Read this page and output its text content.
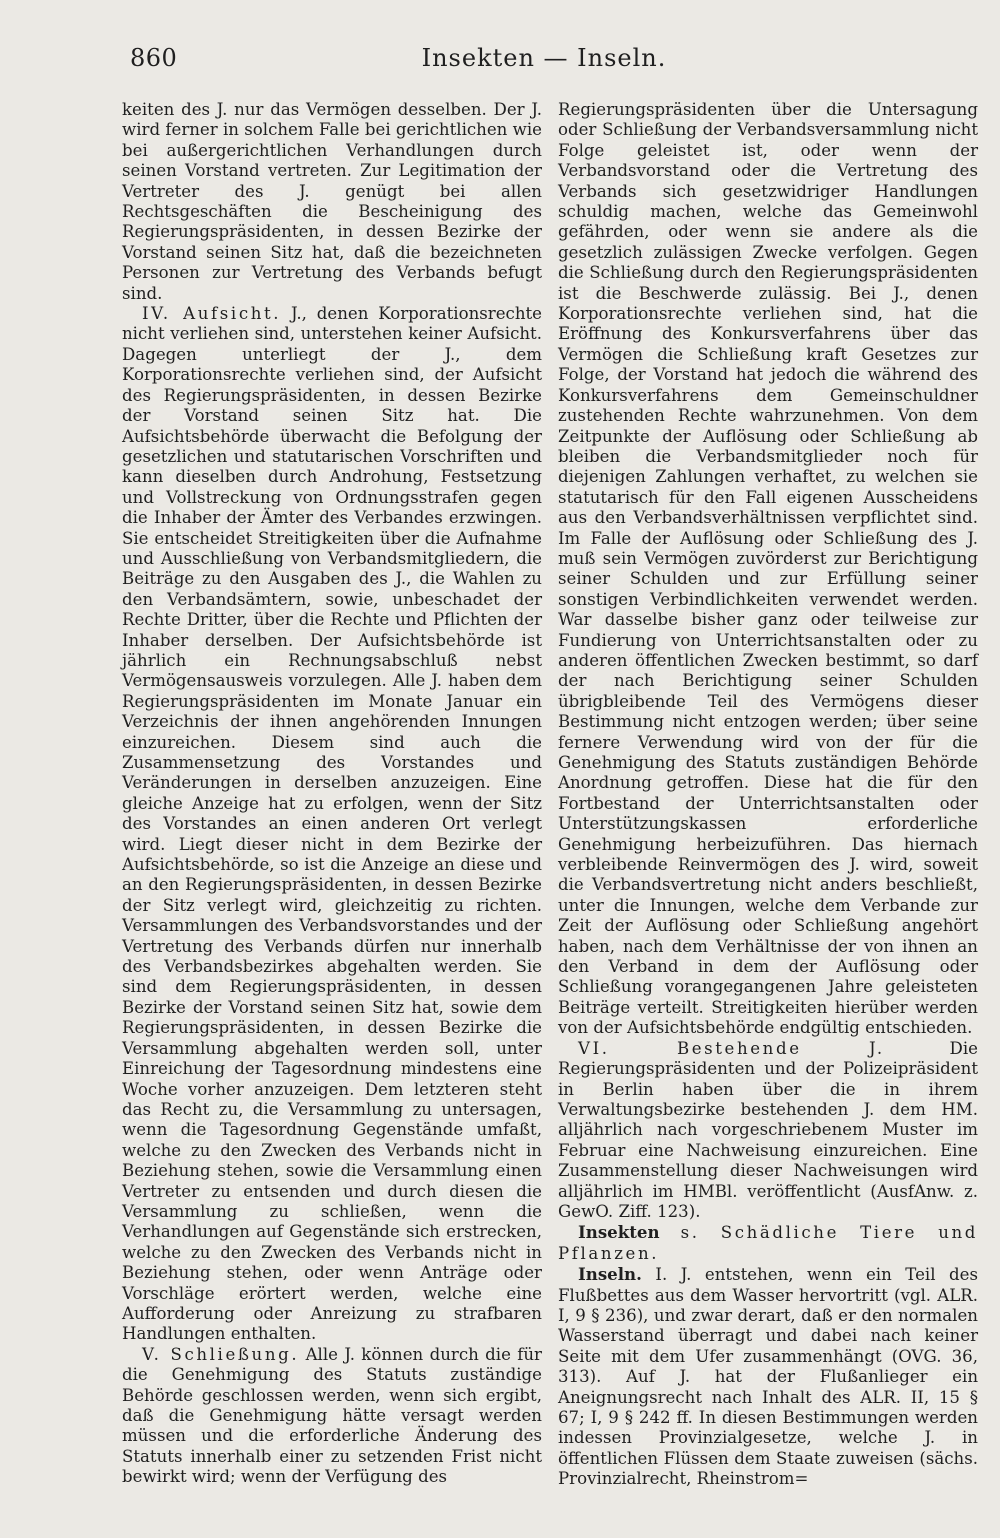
Insekten — Inseln.
860

keiten des J. nur das Vermögen desselben. Der J. wird ferner in solchem Falle bei gerichtlichen wie bei außergerichtlichen Verhandlungen durch seinen Vorstand vertreten. Zur Legitimation der Vertreter des J. genügt bei allen Rechtsgeschäften die Bescheinigung des Regierungspräsidenten, in dessen Bezirke der Vorstand seinen Sitz hat, daß die bezeichneten Personen zur Vertretung des Verbands befugt sind.

IV. Aufsicht. J., denen Korporationsrechte nicht verliehen sind, unterstehen keiner Aufsicht. Dagegen unterliegt der J., dem Korporationsrechte verliehen sind, der Aufsicht des Regierungspräsidenten, in dessen Bezirke der Vorstand seinen Sitz hat. Die Aufsichtsbehörde überwacht die Befolgung der gesetzlichen und statutarischen Vorschriften und kann dieselben durch Androhung, Festsetzung und Vollstreckung von Ordnungsstrafen gegen die Inhaber der Ämter des Verbandes erzwingen. Sie entscheidet Streitigkeiten über die Aufnahme und Ausschließung von Verbandsmitgliedern, die Beiträge zu den Ausgaben des J., die Wahlen zu den Verbandsämtern, sowie, unbeschadet der Rechte Dritter, über die Rechte und Pflichten der Inhaber derselben. Der Aufsichtsbehörde ist jährlich ein Rechnungsabschluß nebst Vermögensausweis vorzulegen. Alle J. haben dem Regierungspräsidenten im Monate Januar ein Verzeichnis der ihnen angehörenden Innungen einzureichen. Diesem sind auch die Zusammensetzung des Vorstandes und Veränderungen in derselben anzuzeigen. Eine gleiche Anzeige hat zu erfolgen, wenn der Sitz des Vorstandes an einen anderen Ort verlegt wird. Liegt dieser nicht in dem Bezirke der Aufsichtsbehörde, so ist die Anzeige an diese und an den Regierungspräsidenten, in dessen Bezirke der Sitz verlegt wird, gleichzeitig zu richten. Versammlungen des Verbandsvorstandes und der Vertretung des Verbands dürfen nur innerhalb des Verbandsbezirkes abgehalten werden. Sie sind dem Regierungspräsidenten, in dessen Bezirke der Vorstand seinen Sitz hat, sowie dem Regierungspräsidenten, in dessen Bezirke die Versammlung abgehalten werden soll, unter Einreichung der Tagesordnung mindestens eine Woche vorher anzuzeigen. Dem letzteren steht das Recht zu, die Versammlung zu untersagen, wenn die Tagesordnung Gegenstände umfaßt, welche zu den Zwecken des Verbands nicht in Beziehung stehen, sowie die Versammlung einen Vertreter zu entsenden und durch diesen die Versammlung zu schließen, wenn die Verhandlungen auf Gegenstände sich erstrecken, welche zu den Zwecken des Verbands nicht in Beziehung stehen, oder wenn Anträge oder Vorschläge erörtert werden, welche eine Aufforderung oder Anreizung zu strafbaren Handlungen enthalten.

V. Schließung. Alle J. können durch die für die Genehmigung des Statuts zuständige Behörde geschlossen werden, wenn sich ergibt, daß die Genehmigung hätte versagt werden müssen und die erforderliche Änderung des Statuts innerhalb einer zu setzenden Frist nicht bewirkt wird; wenn der Verfügung des

Regierungspräsidenten über die Untersagung oder Schließung der Verbandsversammlung nicht Folge geleistet ist, oder wenn der Verbandsvorstand oder die Vertretung des Verbands sich gesetzwidriger Handlungen schuldig machen, welche das Gemeinwohl gefährden, oder wenn sie andere als die gesetzlich zulässigen Zwecke verfolgen. Gegen die Schließung durch den Regierungspräsidenten ist die Beschwerde zulässig. Bei J., denen Korporationsrechte verliehen sind, hat die Eröffnung des Konkursverfahrens über das Vermögen die Schließung kraft Gesetzes zur Folge, der Vorstand hat jedoch die während des Konkursverfahrens dem Gemeinschuldner zustehenden Rechte wahrzunehmen. Von dem Zeitpunkte der Auflösung oder Schließung ab bleiben die Verbandsmitglieder noch für diejenigen Zahlungen verhaftet, zu welchen sie statutarisch für den Fall eigenen Ausscheidens aus den Verbandsverhältnissen verpflichtet sind. Im Falle der Auflösung oder Schließung des J. muß sein Vermögen zuvörderst zur Berichtigung seiner Schulden und zur Erfüllung seiner sonstigen Verbindlichkeiten verwendet werden. War dasselbe bisher ganz oder teilweise zur Fundierung von Unterrichtsanstalten oder zu anderen öffentlichen Zwecken bestimmt, so darf der nach Berichtigung seiner Schulden übrigbleibende Teil des Vermögens dieser Bestimmung nicht entzogen werden; über seine fernere Verwendung wird von der für die Genehmigung des Statuts zuständigen Behörde Anordnung getroffen. Diese hat die für den Fortbestand der Unterrichtsanstalten oder Unterstützungskassen erforderliche Genehmigung herbeizuführen. Das hiernach verbleibende Reinvermögen des J. wird, soweit die Verbandsvertretung nicht anders beschließt, unter die Innungen, welche dem Verbande zur Zeit der Auflösung oder Schließung angehört haben, nach dem Verhältnisse der von ihnen an den Verband in dem der Auflösung oder Schließung vorangegangenen Jahre geleisteten Beiträge verteilt. Streitigkeiten hierüber werden von der Aufsichtsbehörde endgültig entschieden.

VI. Bestehende J. Die Regierungspräsidenten und der Polizeipräsident in Berlin haben über die in ihrem Verwaltungsbezirke bestehenden J. dem HM. alljährlich nach vorgeschriebenem Muster im Februar eine Nachweisung einzureichen. Eine Zusammenstellung dieser Nachweisungen wird alljährlich im HMBl. veröffentlicht (AusfAnw. z. GewO. Ziff. 123).

Insekten s. Schädliche Tiere und Pflanzen.

Inseln. I. J. entstehen, wenn ein Teil des Flußbettes aus dem Wasser hervortritt (vgl. ALR. I, 9 § 236), und zwar derart, daß er den normalen Wasserstand überragt und dabei nach keiner Seite mit dem Ufer zusammenhängt (OVG. 36, 313). Auf J. hat der Flußanlieger ein Aneignungsrecht nach Inhalt des ALR. II, 15 § 67; I, 9 § 242 ff. In diesen Bestimmungen werden indessen Provinzialgesetze, welche J. in öffentlichen Flüssen dem Staate zuweisen (sächs. Provinzialrecht, Rheinstrom=
